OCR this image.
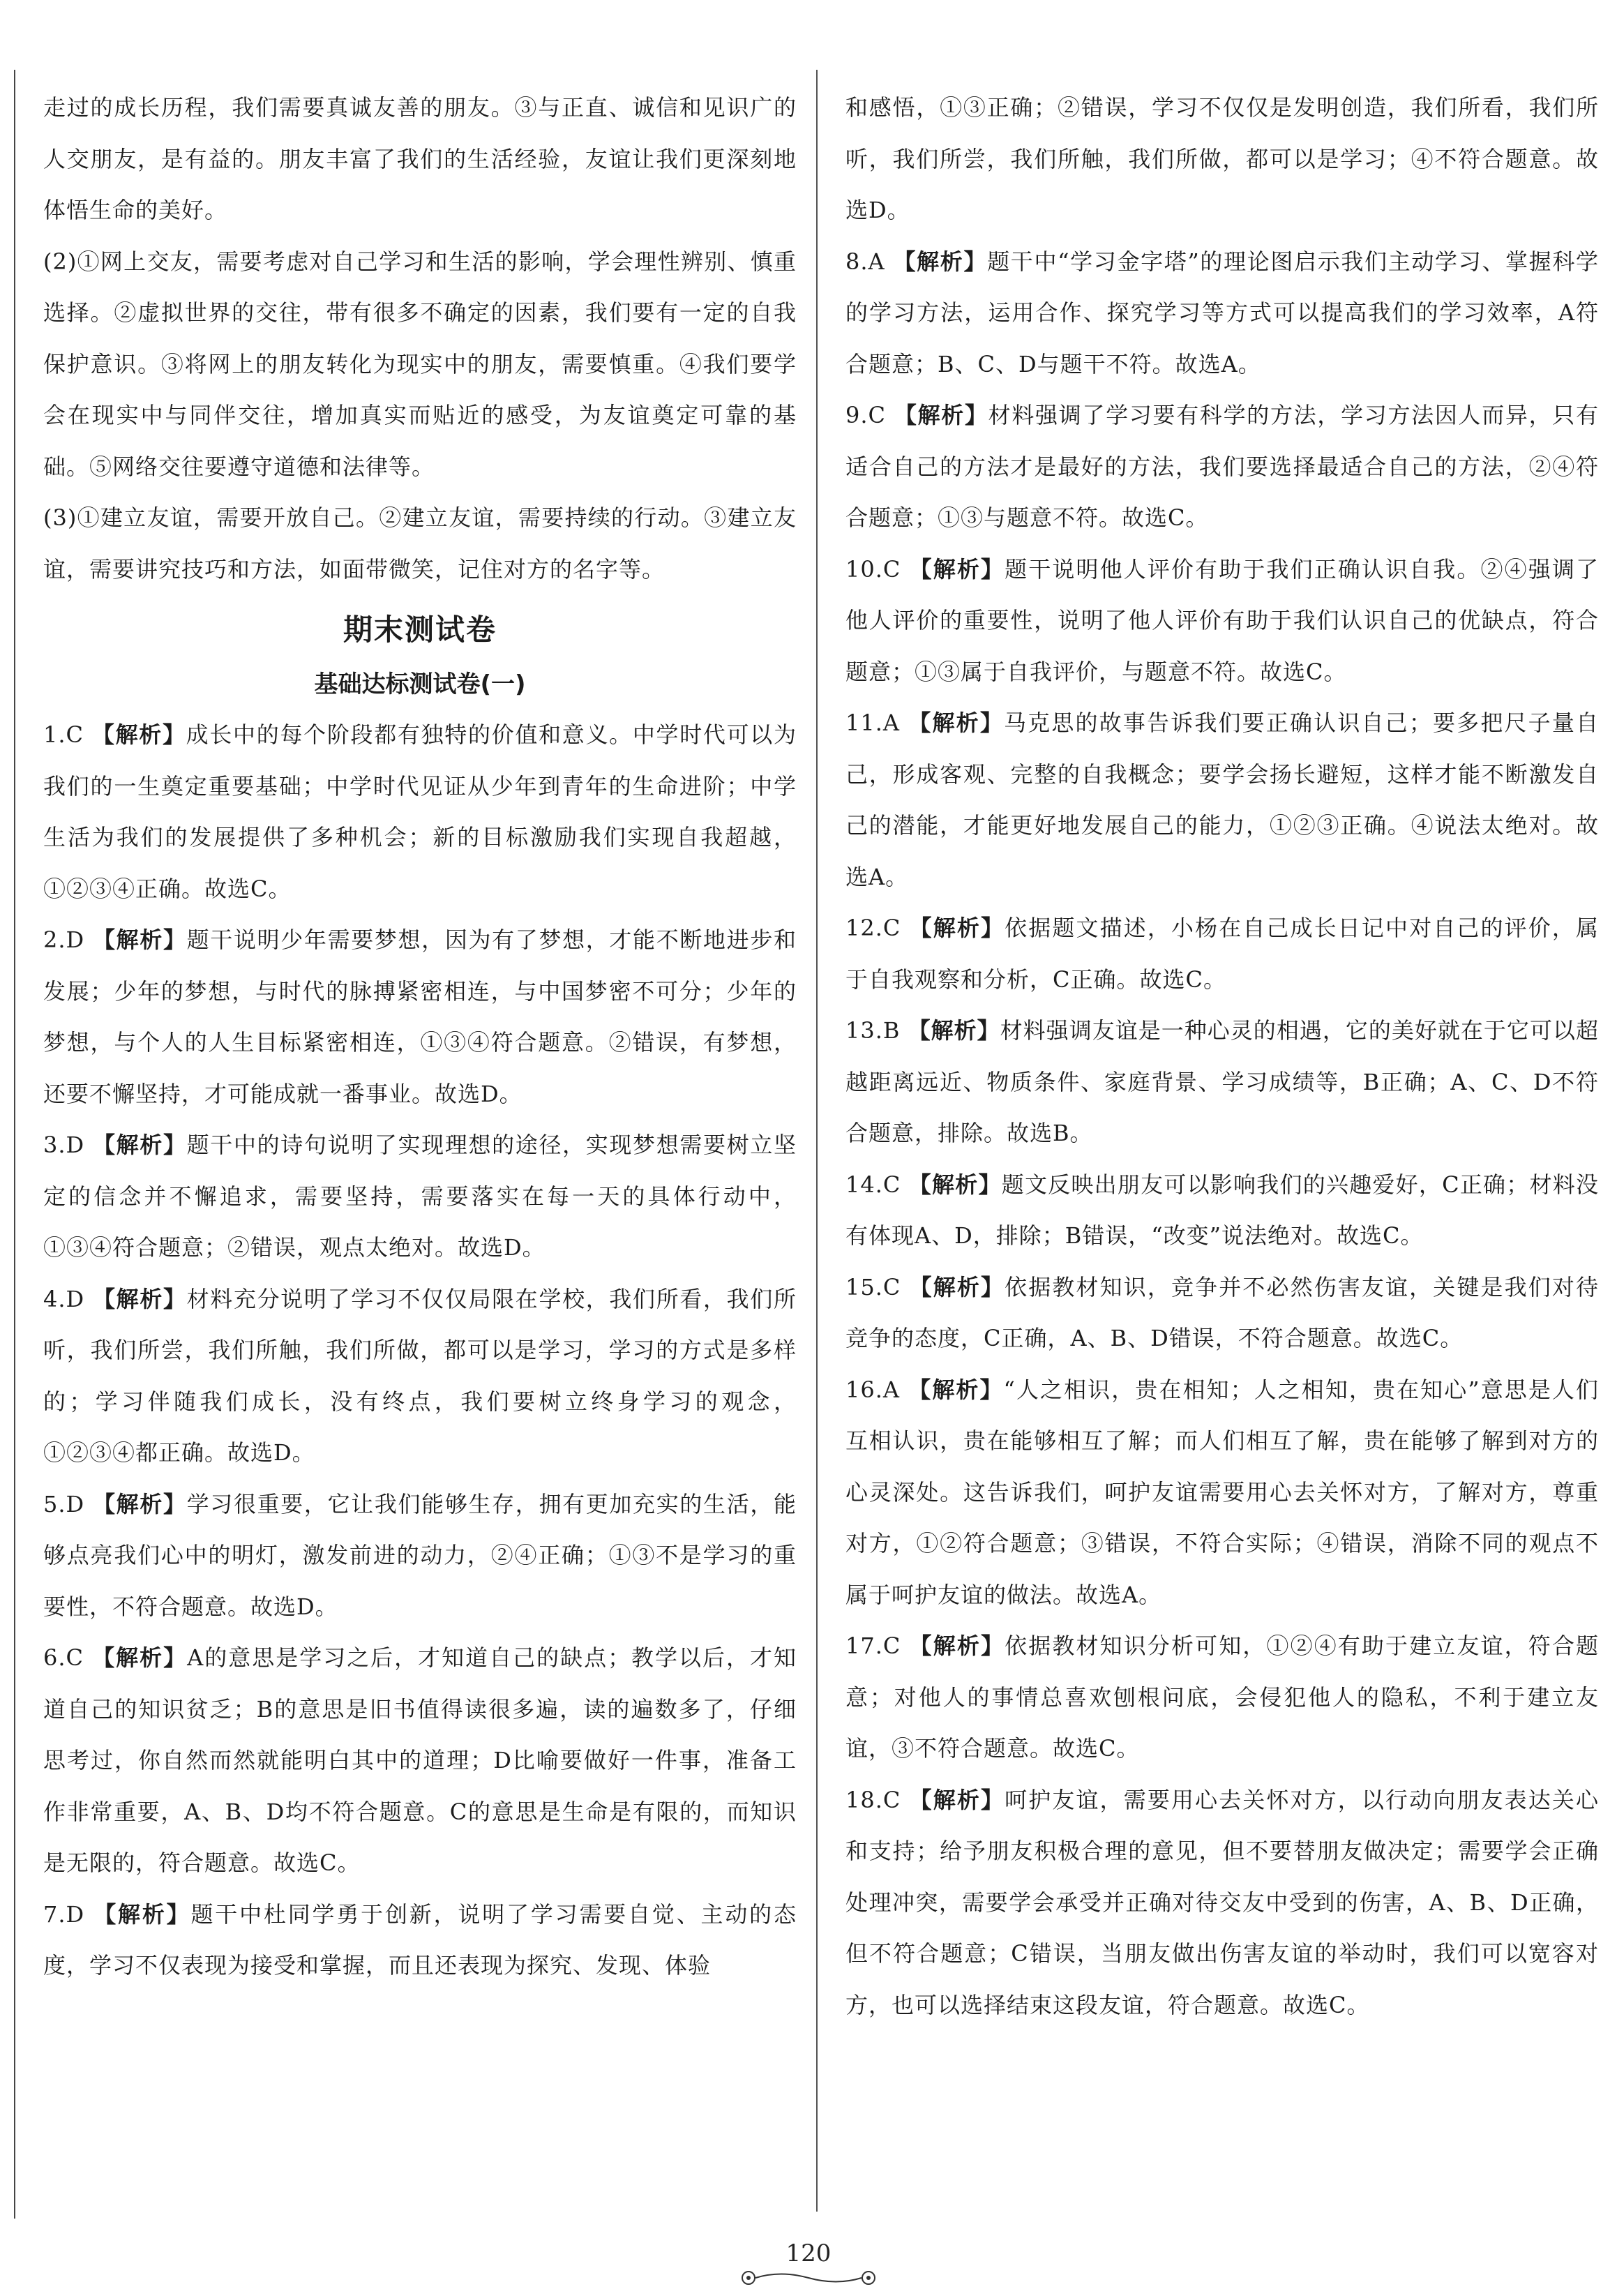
走过的成长历程，我们需要真诚友善的朋友。③与正直、诚信和见识广的人交朋友，是有益的。朋友丰富了我们的生活经验，友谊让我们更深刻地体悟生命的美好。

(2)①网上交友，需要考虑对自己学习和生活的影响，学会理性辨别、慎重选择。②虚拟世界的交往，带有很多不确定的因素，我们要有一定的自我保护意识。③将网上的朋友转化为现实中的朋友，需要慎重。④我们要学会在现实中与同伴交往，增加真实而贴近的感受，为友谊奠定可靠的基础。⑤网络交往要遵守道德和法律等。

(3)①建立友谊，需要开放自己。②建立友谊，需要持续的行动。③建立友谊，需要讲究技巧和方法，如面带微笑，记住对方的名字等。

期末测试卷
基础达标测试卷(一)

1.C 【解析】成长中的每个阶段都有独特的价值和意义。中学时代可以为我们的一生奠定重要基础；中学时代见证从少年到青年的生命进阶；中学生活为我们的发展提供了多种机会；新的目标激励我们实现自我超越，①②③④正确。故选C。

2.D 【解析】题干说明少年需要梦想，因为有了梦想，才能不断地进步和发展；少年的梦想，与时代的脉搏紧密相连，与中国梦密不可分；少年的梦想，与个人的人生目标紧密相连，①③④符合题意。②错误，有梦想，还要不懈坚持，才可能成就一番事业。故选D。

3.D 【解析】题干中的诗句说明了实现理想的途径，实现梦想需要树立坚定的信念并不懈追求，需要坚持，需要落实在每一天的具体行动中，①③④符合题意；②错误，观点太绝对。故选D。

4.D 【解析】材料充分说明了学习不仅仅局限在学校，我们所看，我们所听，我们所尝，我们所触，我们所做，都可以是学习，学习的方式是多样的；学习伴随我们成长，没有终点，我们要树立终身学习的观念，①②③④都正确。故选D。

5.D 【解析】学习很重要，它让我们能够生存，拥有更加充实的生活，能够点亮我们心中的明灯，激发前进的动力，②④正确；①③不是学习的重要性，不符合题意。故选D。

6.C 【解析】A的意思是学习之后，才知道自己的缺点；教学以后，才知道自己的知识贫乏；B的意思是旧书值得读很多遍，读的遍数多了，仔细思考过，你自然而然就能明白其中的道理；D比喻要做好一件事，准备工作非常重要，A、B、D均不符合题意。C的意思是生命是有限的，而知识是无限的，符合题意。故选C。

7.D 【解析】题干中杜同学勇于创新，说明了学习需要自觉、主动的态度，学习不仅表现为接受和掌握，而且还表现为探究、发现、体验

和感悟，①③正确；②错误，学习不仅仅是发明创造，我们所看，我们所听，我们所尝，我们所触，我们所做，都可以是学习；④不符合题意。故选D。

8.A 【解析】题干中“学习金字塔”的理论图启示我们主动学习、掌握科学的学习方法，运用合作、探究学习等方式可以提高我们的学习效率，A符合题意；B、C、D与题干不符。故选A。

9.C 【解析】材料强调了学习要有科学的方法，学习方法因人而异，只有适合自己的方法才是最好的方法，我们要选择最适合自己的方法，②④符合题意；①③与题意不符。故选C。

10.C 【解析】题干说明他人评价有助于我们正确认识自我。②④强调了他人评价的重要性，说明了他人评价有助于我们认识自己的优缺点，符合题意；①③属于自我评价，与题意不符。故选C。

11.A 【解析】马克思的故事告诉我们要正确认识自己；要多把尺子量自己，形成客观、完整的自我概念；要学会扬长避短，这样才能不断激发自己的潜能，才能更好地发展自己的能力，①②③正确。④说法太绝对。故选A。

12.C 【解析】依据题文描述，小杨在自己成长日记中对自己的评价，属于自我观察和分析，C正确。故选C。

13.B 【解析】材料强调友谊是一种心灵的相遇，它的美好就在于它可以超越距离远近、物质条件、家庭背景、学习成绩等，B正确；A、C、D不符合题意，排除。故选B。

14.C 【解析】题文反映出朋友可以影响我们的兴趣爱好，C正确；材料没有体现A、D，排除；B错误，“改变”说法绝对。故选C。

15.C 【解析】依据教材知识，竞争并不必然伤害友谊，关键是我们对待竞争的态度，C正确，A、B、D错误，不符合题意。故选C。

16.A 【解析】“人之相识，贵在相知；人之相知，贵在知心”意思是人们互相认识，贵在能够相互了解；而人们相互了解，贵在能够了解到对方的心灵深处。这告诉我们，呵护友谊需要用心去关怀对方，了解对方，尊重对方，①②符合题意；③错误，不符合实际；④错误，消除不同的观点不属于呵护友谊的做法。故选A。

17.C 【解析】依据教材知识分析可知，①②④有助于建立友谊，符合题意；对他人的事情总喜欢刨根问底，会侵犯他人的隐私，不利于建立友谊，③不符合题意。故选C。

18.C 【解析】呵护友谊，需要用心去关怀对方，以行动向朋友表达关心和支持；给予朋友积极合理的意见，但不要替朋友做决定；需要学会正确处理冲突，需要学会承受并正确对待交友中受到的伤害，A、B、D正确，但不符合题意；C错误，当朋友做出伤害友谊的举动时，我们可以宽容对方，也可以选择结束这段友谊，符合题意。故选C。

120
